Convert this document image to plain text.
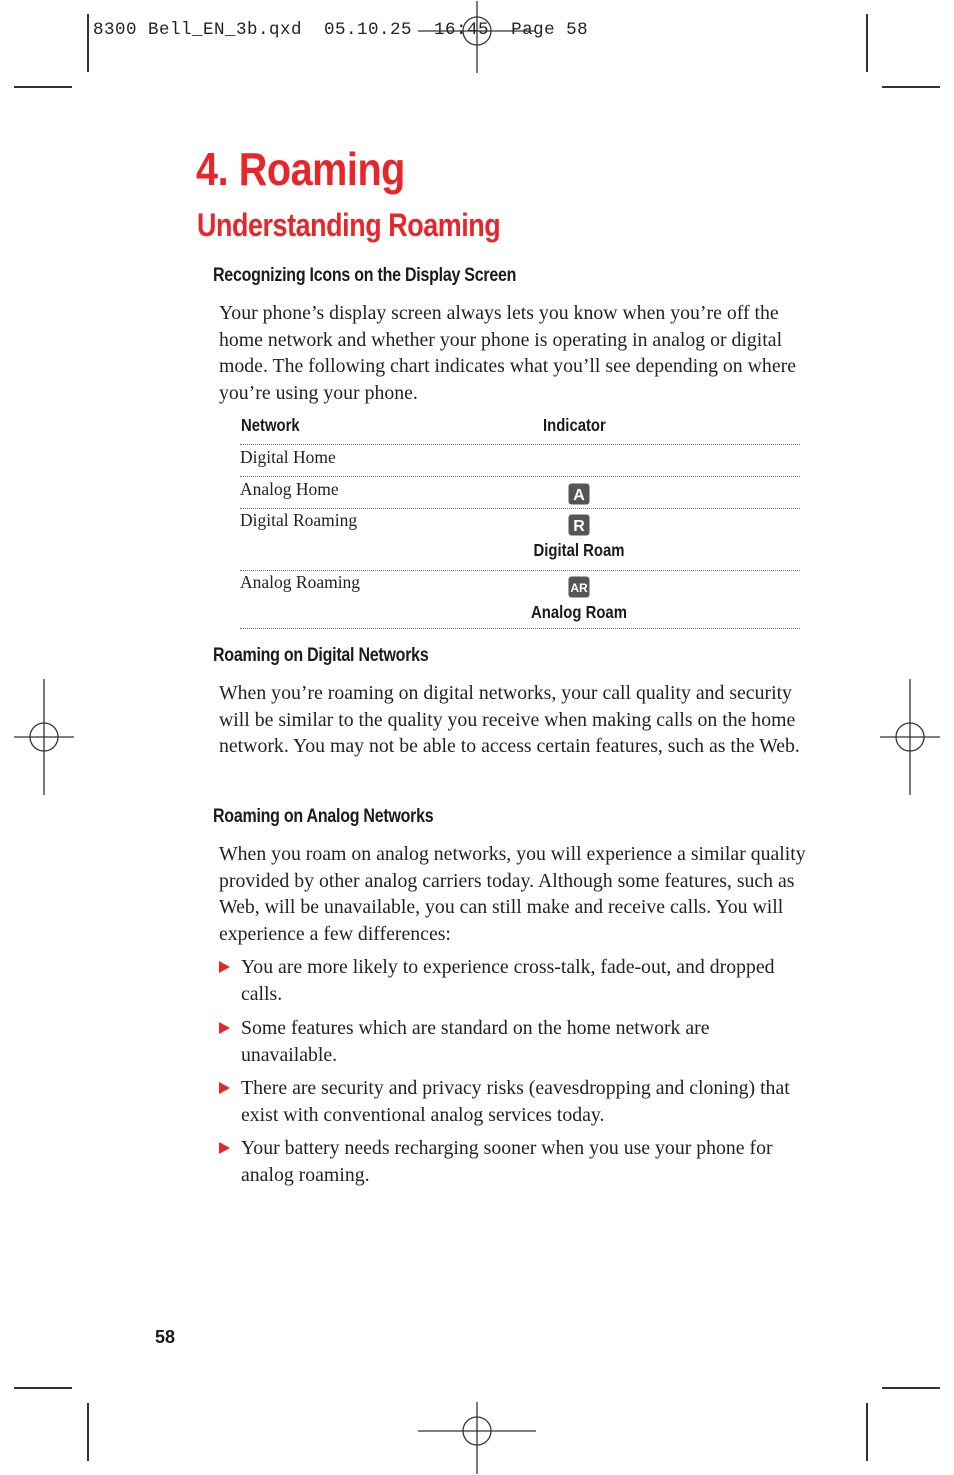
8300 Bell_EN_3b.qxd  05.10.25  16:45  Page 58
4. Roaming
Understanding Roaming
Recognizing Icons on the Display Screen

Your phone’s display screen always lets you know when you’re off the home network and whether your phone is operating in analog or digital mode. The following chart indicates what you’ll see depending on where you’re using your phone.

Network	Indicator
Digital Home
Analog Home	A
Digital Roaming	R
Digital Roam
Analog Roaming	AR
Analog Roam
Roaming on Digital Networks

When you’re roaming on digital networks, your call quality and security will be similar to the quality you receive when making calls on the home network. You may not be able to access certain features, such as the Web.

Roaming on Analog Networks

When you roam on analog networks, you will experience a similar quality provided by other analog carriers today. Although some features, such as Web, will be unavailable, you can still make and receive calls. You will experience a few differences:

You are more likely to experience cross-talk, fade-out, and dropped calls.

Some features which are standard on the home network are unavailable.

There are security and privacy risks (eavesdropping and cloning) that exist with conventional analog services today.

Your battery needs recharging sooner when you use your phone for analog roaming.

58
